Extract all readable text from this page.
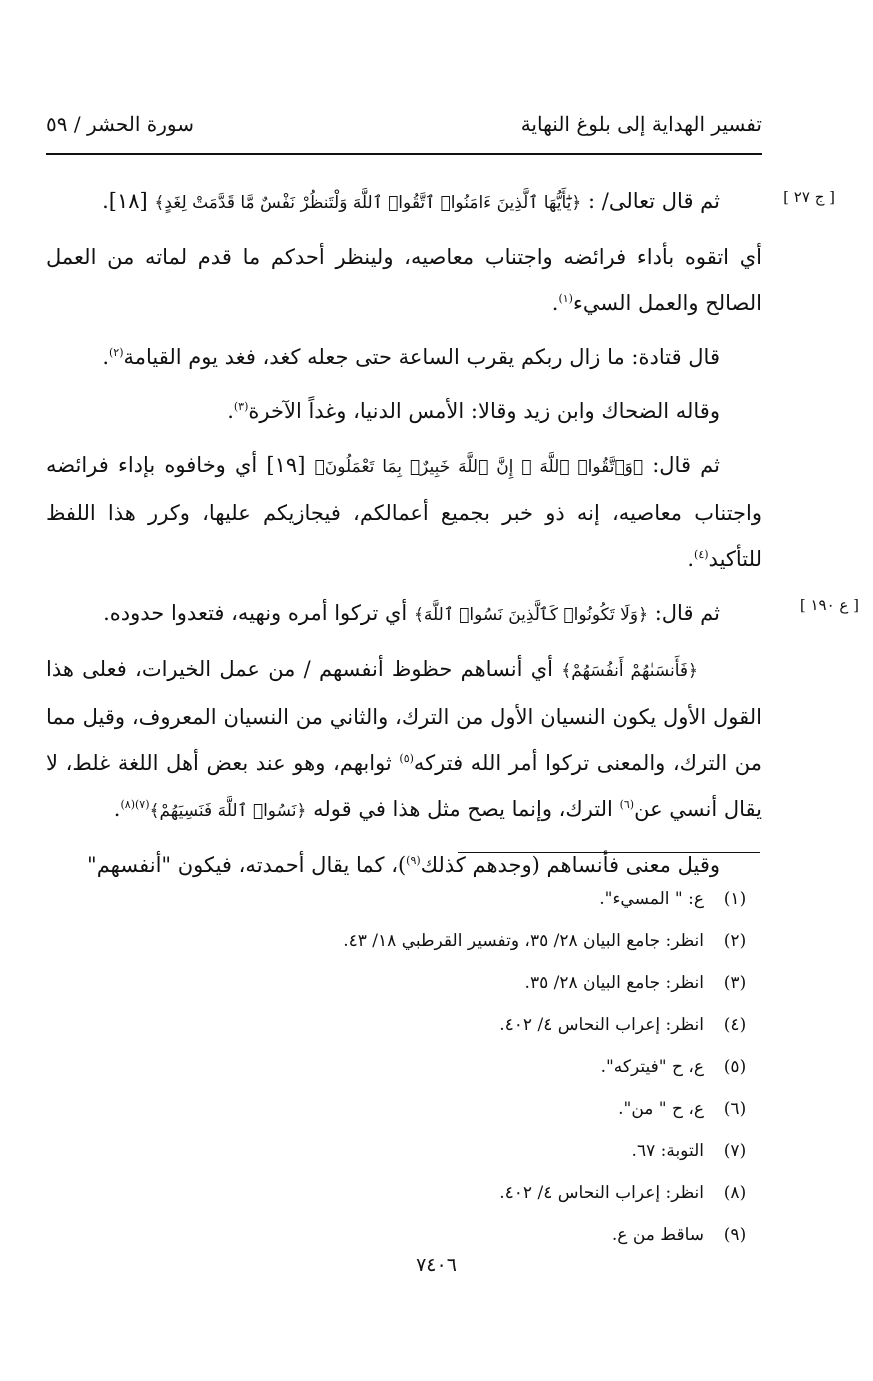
تفسير الهداية إلى بلوغ النهاية
سورة الحشر / ٥٩
[ ج ٢٧ ]
[ ع ١٩٠ ]

ثم قال تعالى/ : ﴿يَٰٓأَيُّهَا ٱلَّذِينَ ءَامَنُوا۟ ٱتَّقُوا۟ ٱللَّهَ وَلْتَنظُرْ نَفْسٌ مَّا قَدَّمَتْ لِغَدٍ﴾ [١٨].

أي اتقوه بأداء فرائضه واجتناب معاصيه، ولينظر أحدكم ما قدم لماته من العمل الصالح والعمل السيء$^{(١)}$.

قال قتادة: ما زال ربكم يقرب الساعة حتى جعله كغد، فغد يوم القيامة$^{(٢)}$.

وقاله الضحاك وابن زيد وقالا: الأمس الدنيا، وغداً الآخرة$^{(٣)}$.

ثم قال: ﴿وَٱتَّقُوا۟ ٱللَّهَ ۚ إِنَّ ٱللَّهَ خَبِيرٌۢ بِمَا تَعْمَلُونَ﴾ [١٩] أي وخافوه بإداء فرائضه واجتناب معاصيه، إنه ذو خبر بجميع أعمالكم، فيجازيكم عليها، وكرر هذا اللفظ للتأكيد$^{(٤)}$.

ثم قال: ﴿وَلَا تَكُونُوا۟ كَٱلَّذِينَ نَسُوا۟ ٱللَّهَ﴾ أي تركوا أمره ونهيه، فتعدوا حدوده.

﴿فَأَنسَىٰهُمْ أَنفُسَهُمْ﴾ أي أنساهم حظوظ أنفسهم / من عمل الخيرات، فعلى هذا القول الأول يكون النسيان الأول من الترك، والثاني من النسيان المعروف، وقيل مما من الترك، والمعنى تركوا أمر الله فتركه$^{(٥)}$ ثوابهم، وهو عند بعض أهل اللغة غلط، لا يقال أنسي عن$^{(٦)}$ الترك، وإنما يصح مثل هذا في قوله ﴿نَسُوا۟ ٱللَّهَ فَنَسِيَهُمْ﴾$^{(٧)(٨)}$.

وقيل معنى فأنساهم (وجدهم كذلك$^{(٩)}$)، كما يقال أحمدته، فيكون "أنفسهم"

(١)
ع: " المسيء".
(٢)
انظر: جامع البيان ٢٨/ ٣٥، وتفسير القرطبي ١٨/ ٤٣.
(٣)
انظر: جامع البيان ٢٨/ ٣٥.
(٤)
انظر: إعراب النحاس ٤/ ٤٠٢.
(٥)
ع، ح "فيتركه".
(٦)
ع، ح " من".
(٧)
التوبة: ٦٧.
(٨)
انظر: إعراب النحاس ٤/ ٤٠٢.
(٩)
ساقط من ع.
٧٤٠٦
